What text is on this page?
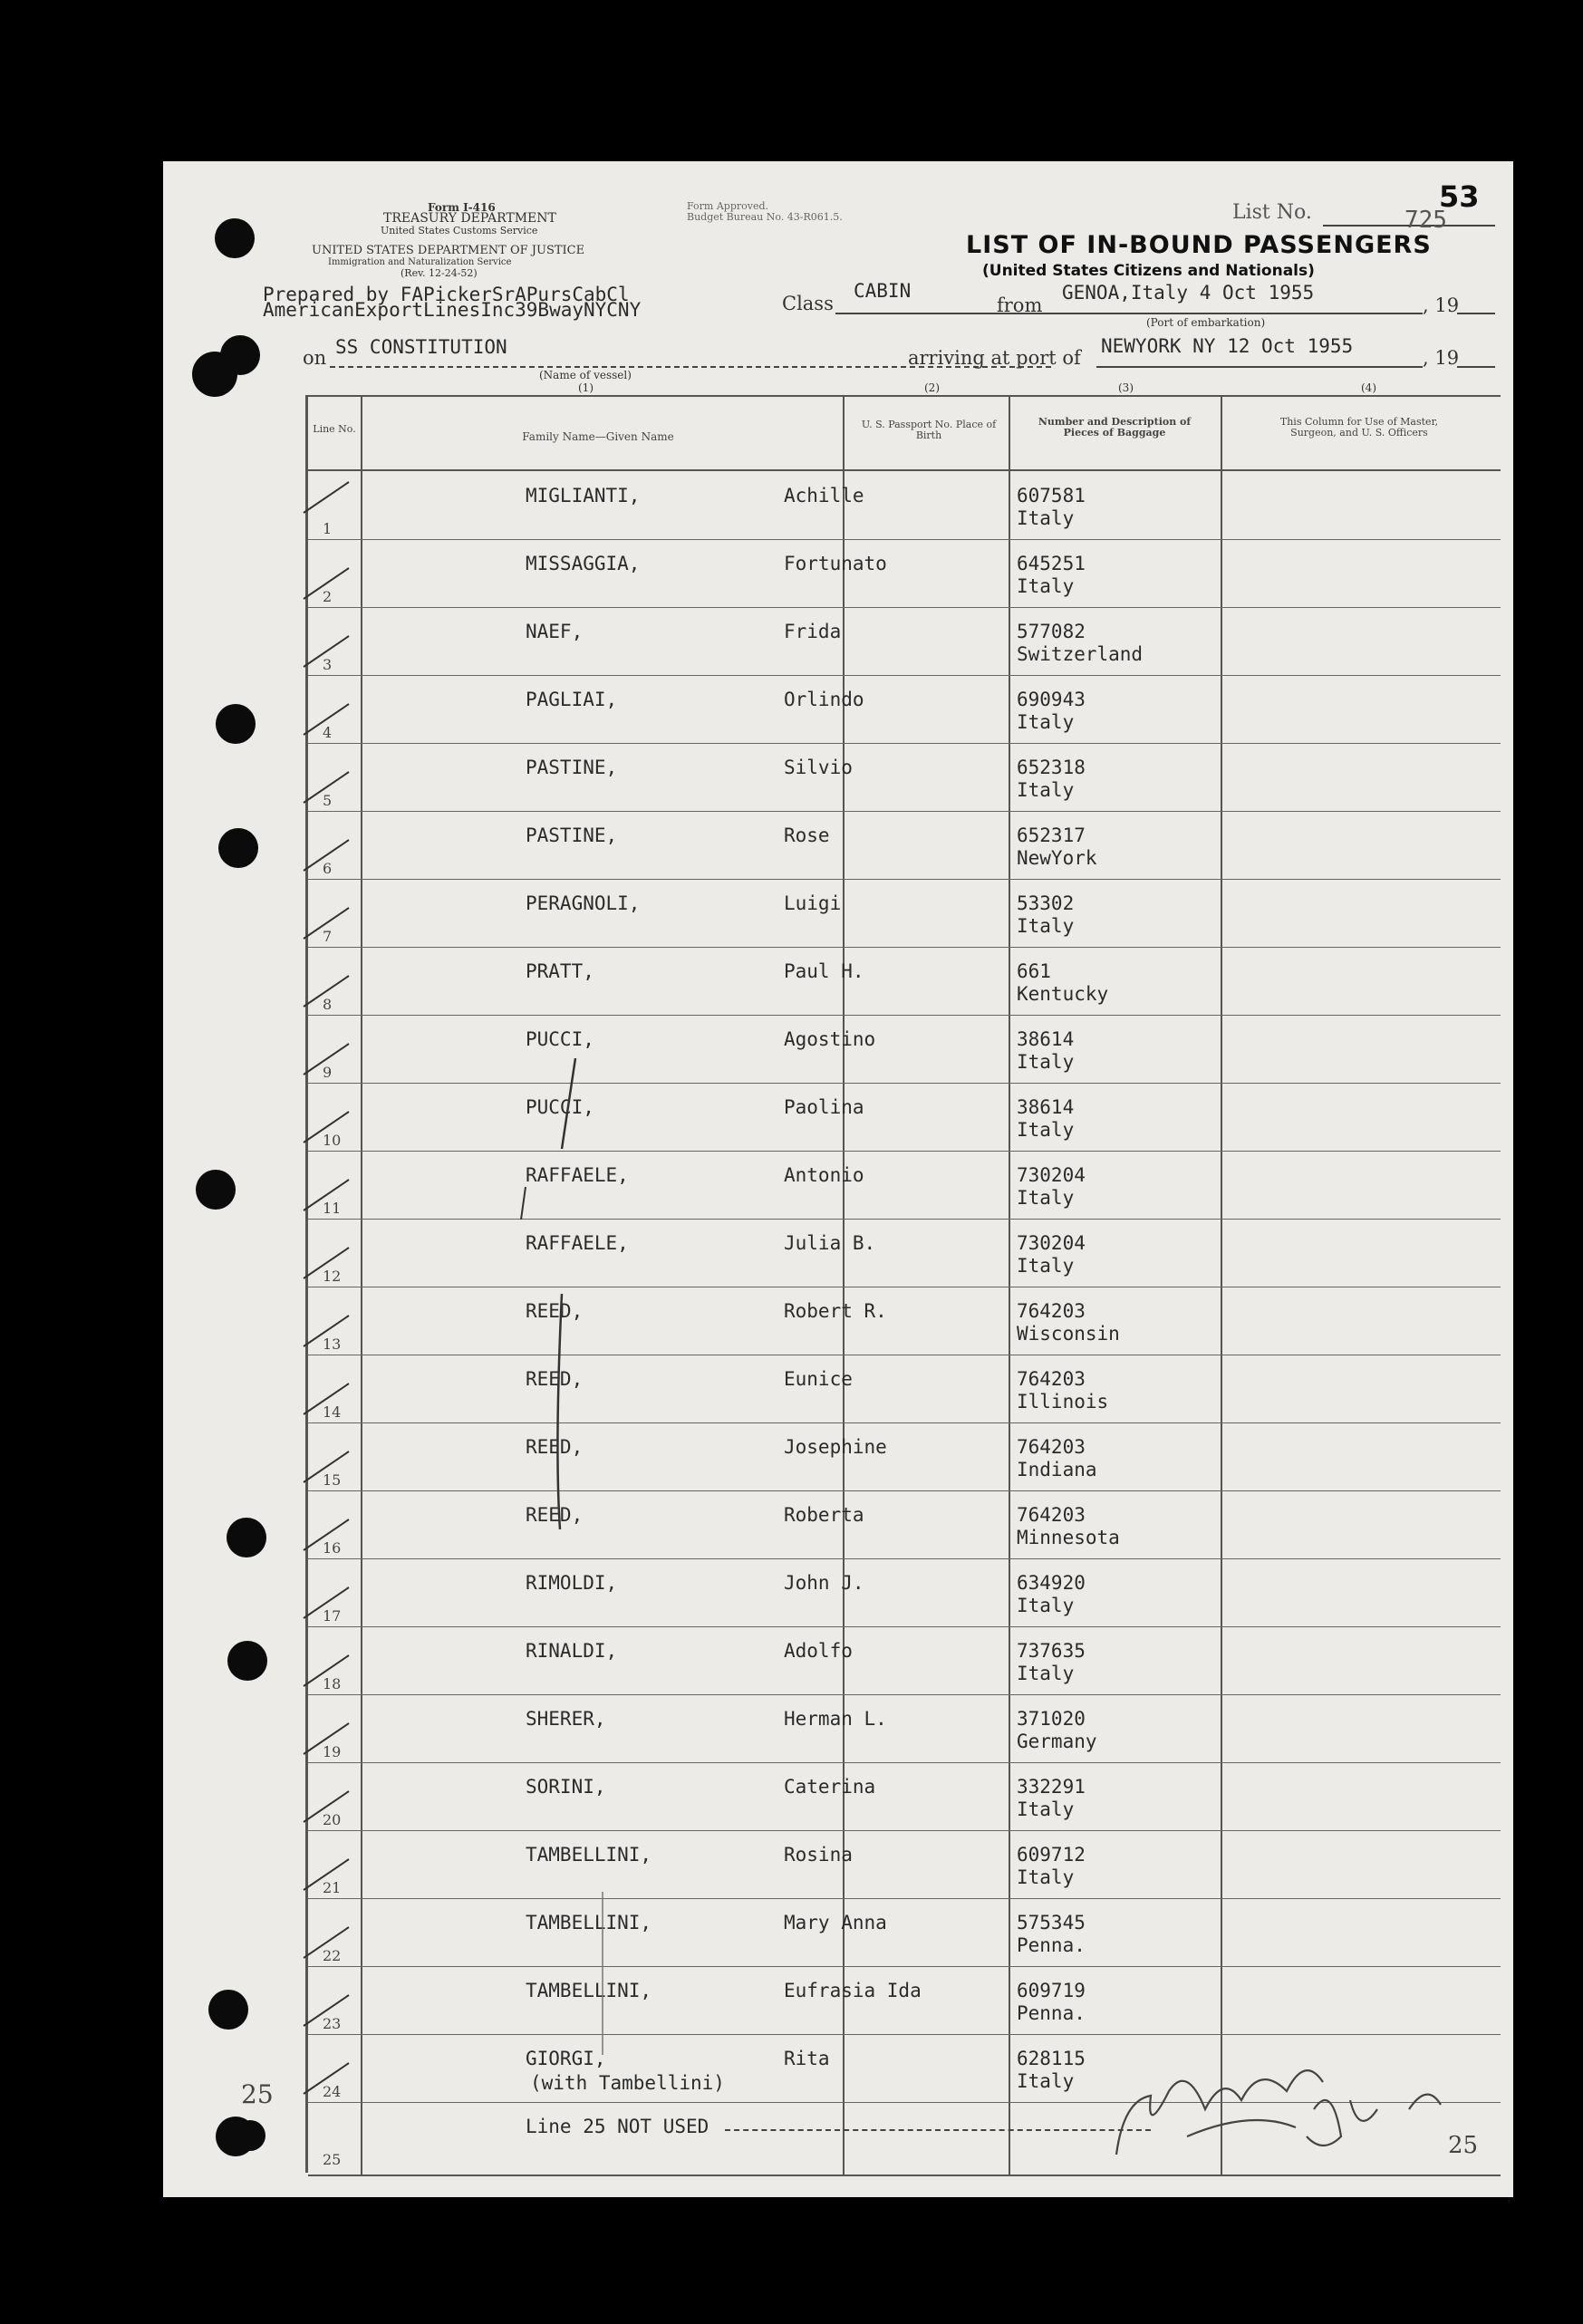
Form I-416
TREASURY DEPARTMENT
United States Customs Service
UNITED STATES DEPARTMENT OF JUSTICE
Immigration and Naturalization Service
(Rev. 12-24-52)
Form Approved.
Budget Bureau No. 43-R061.5.	List No.	725
53
LIST OF IN-BOUND PASSENGERS
(United States Citizens and Nationals)
Prepared by FAPickerSrAPursCabCl
AmericanExportLinesInc39BwayNYCNY	Class
CABIN
from
GENOA,Italy 4 Oct 1955
, 19
(Port of embarkation)
on SS CONSTITUTION
(Name of vessel)
arriving at port of
NEWYORK NY 12 Oct 1955
, 19
(1)	(2)	(3)	(4)
Line No.
Family Name—Given Name
U. S. Passport No. Place of Birth
Number and Description of Pieces of Baggage
This Column for Use of Master, Surgeon, and U. S. Officers
1
MIGLIANTI,	Achille	607581
Italy
2
MISSAGGIA,	Fortunato	645251
Italy
3
NAEF,	Frida	577082
Switzerland
4
PAGLIAI,	Orlindo	690943
Italy
5
PASTINE,	Silvio	652318
Italy
6
PASTINE,	Rose	652317
NewYork
7
PERAGNOLI,	Luigi	53302
Italy
8
PRATT,	Paul H.	661
Kentucky
9
PUCCI,	Agostino	38614
Italy
10
PUCCI,	Paolina	38614
Italy
11
RAFFAELE,	Antonio	730204
Italy
12
RAFFAELE,	Julia B.	730204
Italy
13
REED,	Robert R.	764203
Wisconsin
14
REED,	Eunice	764203
Illinois
15
REED,	Josephine	764203
Indiana
16
REED,	Roberta	764203
Minnesota
17
RIMOLDI,	John J.	634920
Italy
18
RINALDI,	Adolfo	737635
Italy
19
SHERER,	Herman L.	371020
Germany
20
SORINI,	Caterina	332291
Italy
21
TAMBELLINI,	Rosina	609712
Italy
22
TAMBELLINI,	Mary Anna	575345
Penna.
23
TAMBELLINI,	Eufrasia Ida	609719
Penna.
24
GIORGI,	Rita	628115
Italy
(with Tambellini)
25
Line 25 NOT USED
25
25
